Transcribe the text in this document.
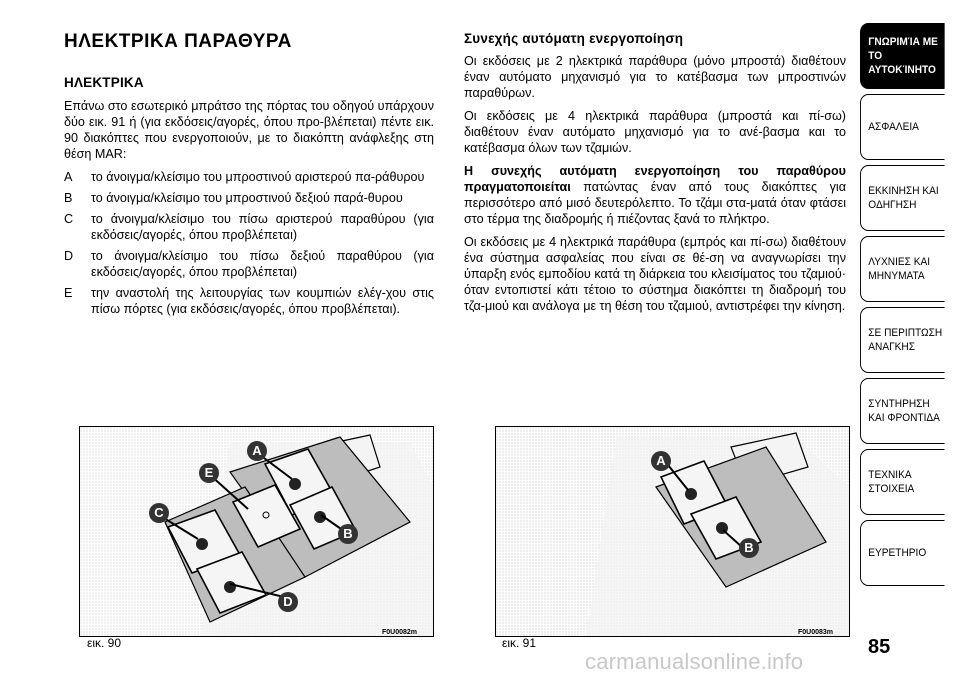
ΗΛΕΚΤΡΙΚΑ ΠΑΡΑΘΥΡΑ
ΗΛΕΚΤΡΙΚΑ

Επάνω στο εσωτερικό μπράτσο της πόρτας του οδηγού υπάρχουν δύο εικ. 91 ή (για εκδόσεις/αγορές, όπου προ-βλέπεται) πέντε εικ. 90 διακόπτες που ενεργοποιούν, με το διακόπτη ανάφλεξης στη θέση MAR:

A το άνοιγμα/κλείσιμο του μπροστινού αριστερού πα-ράθυρου
B το άνοιγμα/κλείσιμο του μπροστινού δεξιού παρά-θυρου
C το άνοιγμα/κλείσιμο του πίσω αριστερού παραθύρου (για εκδόσεις/αγορές, όπου προβλέπεται)
D το άνοιγμα/κλείσιμο του πίσω δεξιού παραθύρου (για εκδόσεις/αγορές, όπου προβλέπεται)
E την αναστολή της λειτουργίας των κουμπιών ελέγ-χου στις πίσω πόρτες (για εκδόσεις/αγορές, όπου προβλέπεται).
Συνεχής αυτόματη ενεργοποίηση

Οι εκδόσεις με 2 ηλεκτρικά παράθυρα (μόνο μπροστά) διαθέτουν έναν αυτόματο μηχανισμό για το κατέβασμα των μπροστινών παραθύρων.

Οι εκδόσεις με 4 ηλεκτρικά παράθυρα (μπροστά και πί-σω) διαθέτουν έναν αυτόματο μηχανισμό για το ανέ-βασμα και το κατέβασμα όλων των τζαμιών.

Η συνεχής αυτόματη ενεργοποίηση του παραθύρου πραγματοποιείται πατώντας έναν από τους διακόπτες για περισσότερο από μισό δευτερόλεπτο. Το τζάμι στα-ματά όταν φτάσει στο τέρμα της διαδρομής ή πιέζοντας ξανά το πλήκτρο.

Οι εκδόσεις με 4 ηλεκτρικά παράθυρα (εμπρός και πί-σω) διαθέτουν ένα σύστημα ασφαλείας που είναι σε θέ-ση να αναγνωρίσει την ύπαρξη ενός εμποδίου κατά τη διάρκεια του κλεισίματος του τζαμιού· όταν εντοπιστεί κάτι τέτοιο το σύστημα διακόπτει τη διαδρομή του τζα-μιού και ανάλογα με τη θέση του τζαμιού, αντιστρέφει την κίνηση.

A
E
C
B
D
εικ. 90
F0U0082m
A
B
εικ. 91
F0U0083m
ΓΝΩΡΙΜΊΑ ΜΕ ΤΟ ΑΥΤΟΚΊΝΗΤΟ
ΑΣΦΑΛΕΙΑ
ΕΚΚΙΝΗΣΗ ΚΑΙ ΟΔΗΓΗΣΗ
ΛΥΧΝΙΕΣ ΚΑΙ ΜΗΝΥΜΑΤΑ
ΣΕ ΠΕΡΙΠΤΩΣΗ ΑΝΑΓΚΗΣ
ΣΥΝΤΗΡΗΣΗ ΚΑΙ ΦΡΟΝΤΙΔΑ
ΤΕΧΝΙΚΑ ΣΤΟΙΧΕΙΑ
ΕΥΡΕΤΗΡΙΟ
85
carmanualsonline.info
